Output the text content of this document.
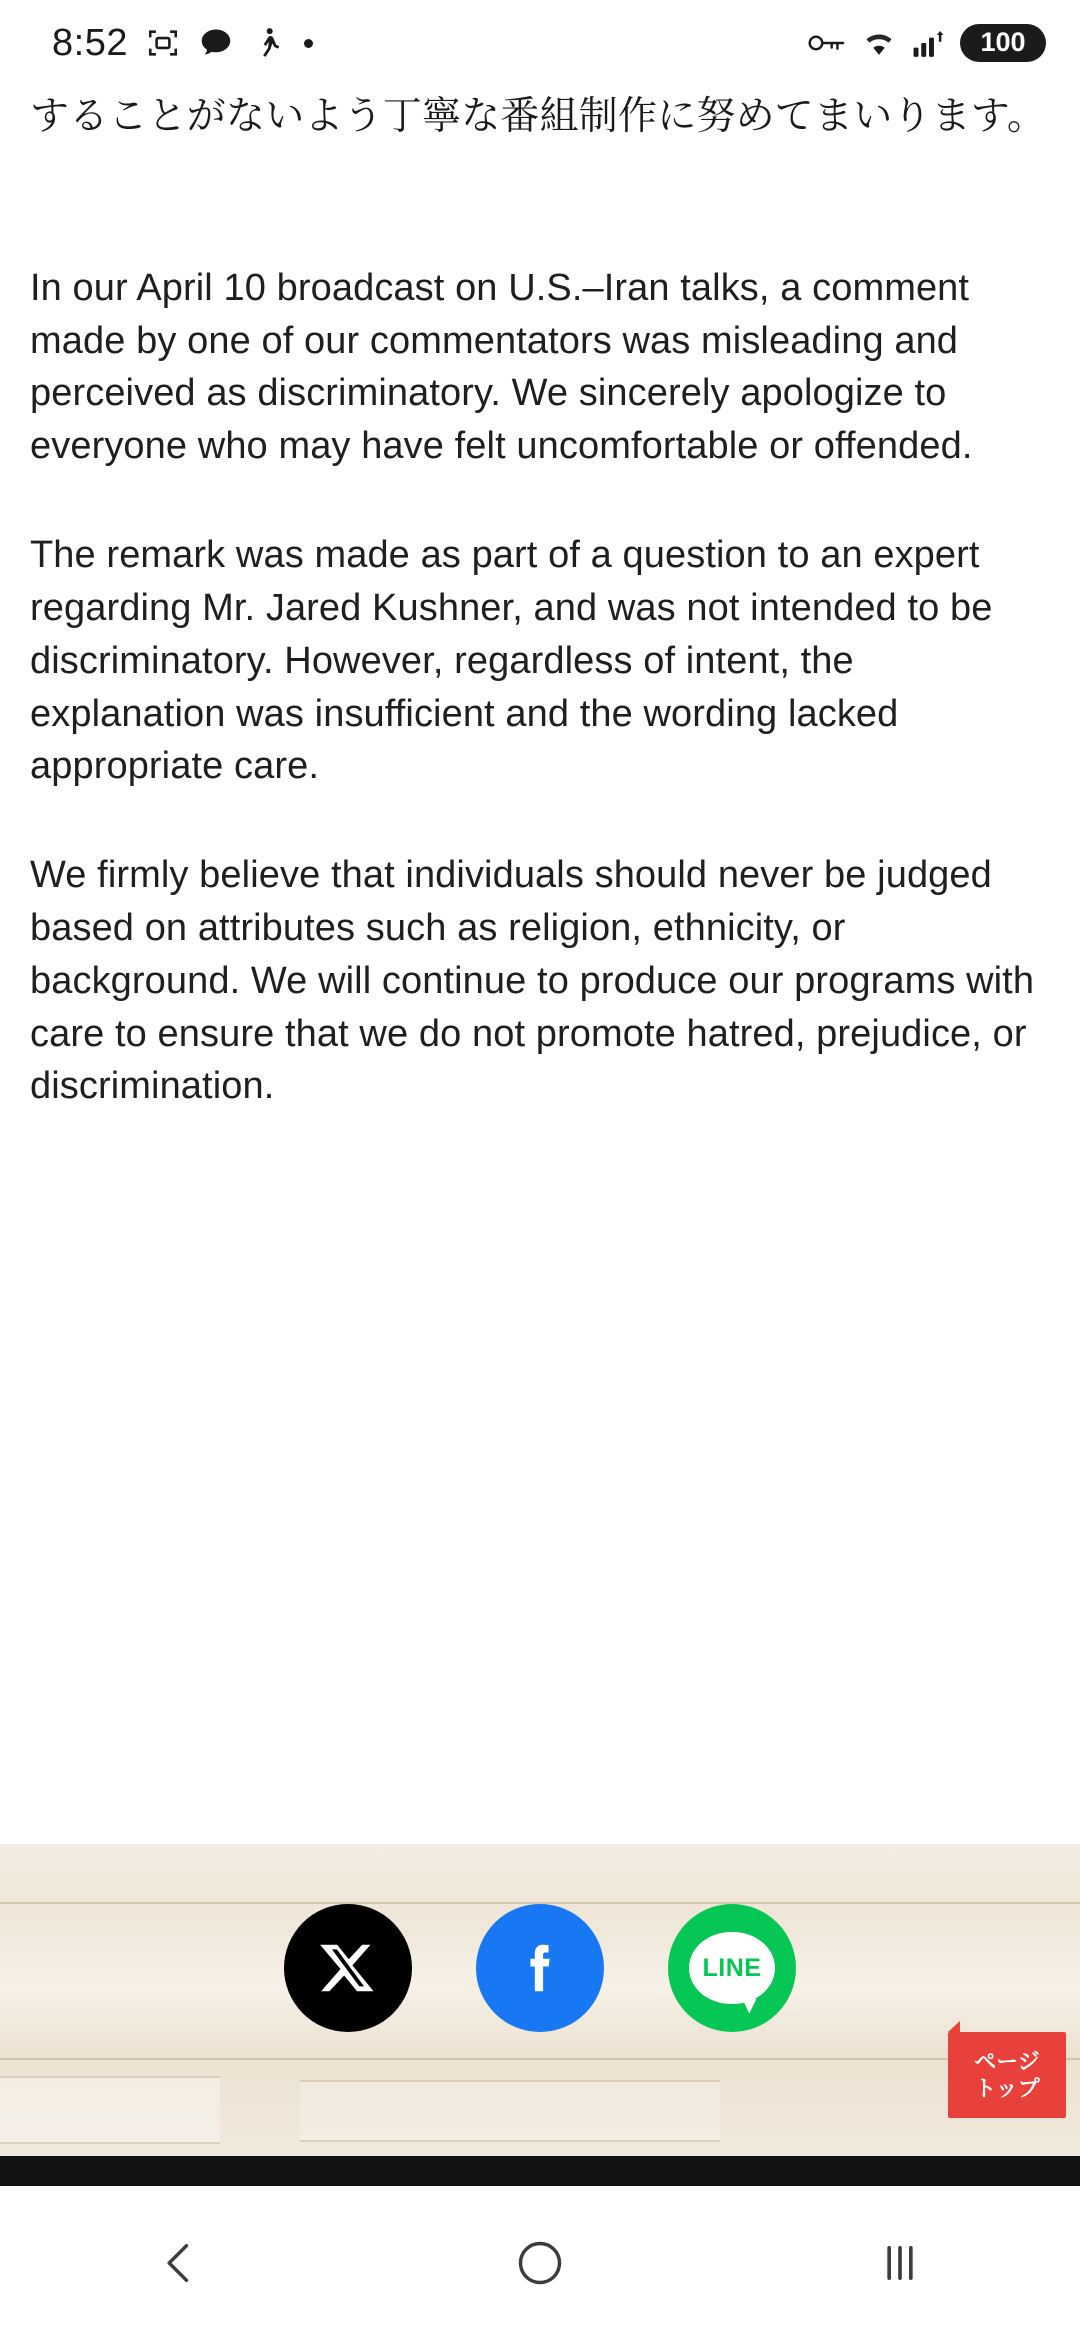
8:52	100

することがないよう丁寧な番組制作に努めてまいります。

In our April 10 broadcast on U.S.–Iran talks, a comment made by one of our commentators was misleading and perceived as discriminatory. We sincerely apologize to everyone who may have felt uncomfortable or offended.

The remark was made as part of a question to an expert regarding Mr. Jared Kushner, and was not intended to be discriminatory. However, regardless of intent, the explanation was insufficient and the wording lacked appropriate care.

We firmly believe that individuals should never be judged based on attributes such as religion, ethnicity, or background. We will continue to produce our programs with care to ensure that we do not promote hatred, prejudice, or discrimination.

LINE
ページ
トップ
